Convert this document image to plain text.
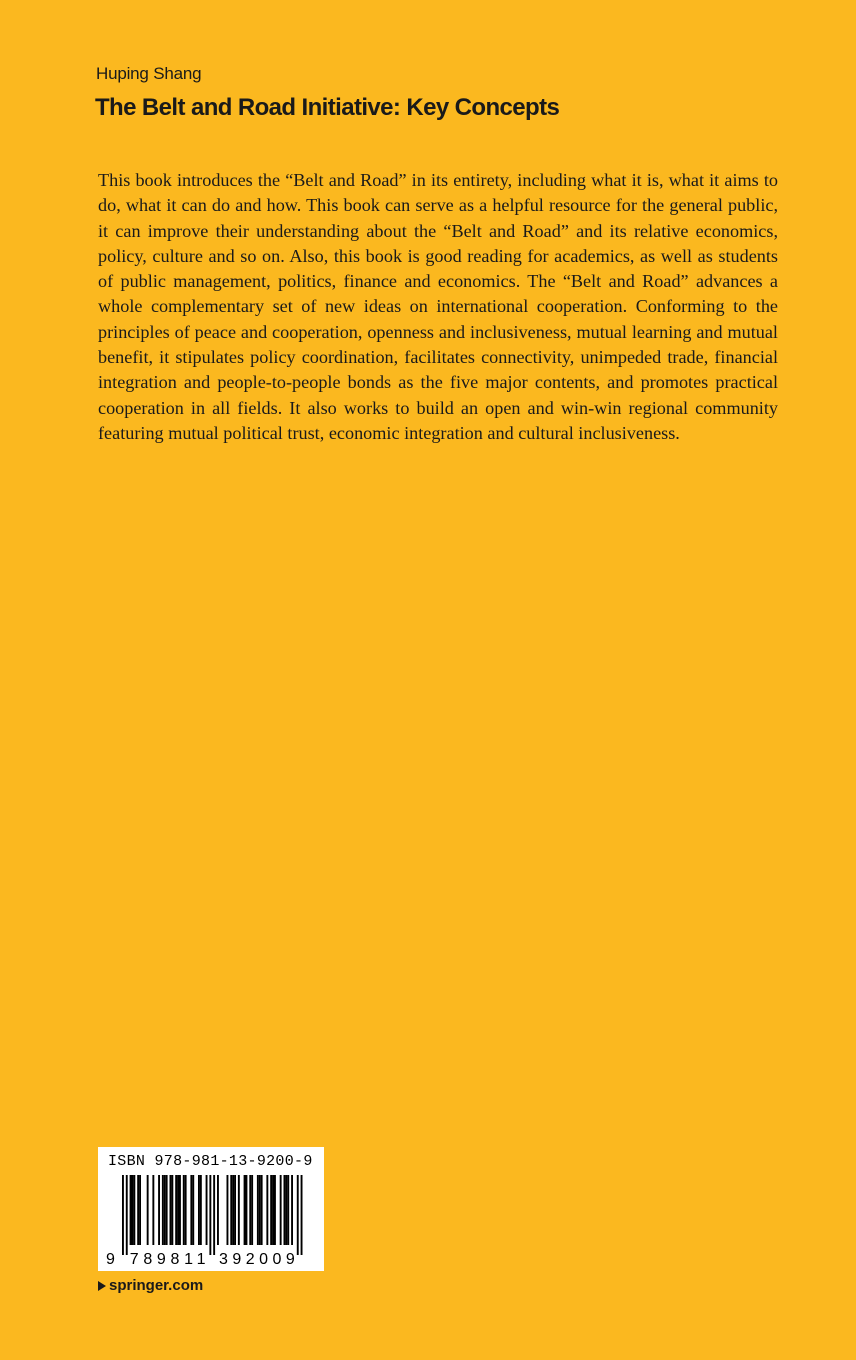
Huping Shang
The Belt and Road Initiative: Key Concepts

This book introduces the “Belt and Road” in its entirety, including what it is, what it aims to do, what it can do and how. This book can serve as a helpful resource for the general public, it can improve their understanding about the “Belt and Road” and its relative economics, policy, culture and so on. Also, this book is good reading for academics, as well as students of public management, politics, finance and economics. The “Belt and Road” advances a whole complementary set of new ideas on international cooperation. Conforming to the principles of peace and cooperation, openness and inclusiveness, mutual learning and mutual benefit, it stipulates policy coordination, facilitates connectivity, unimpeded trade, financial integration and people-to-people bonds as the five major contents, and promotes practical cooperation in all fields. It also works to build an open and win-win regional community featuring mutual political trust, economic integration and cultural inclusiveness.

ISBN 978-981-13-9200-9
9 789811 392009
springer.com
